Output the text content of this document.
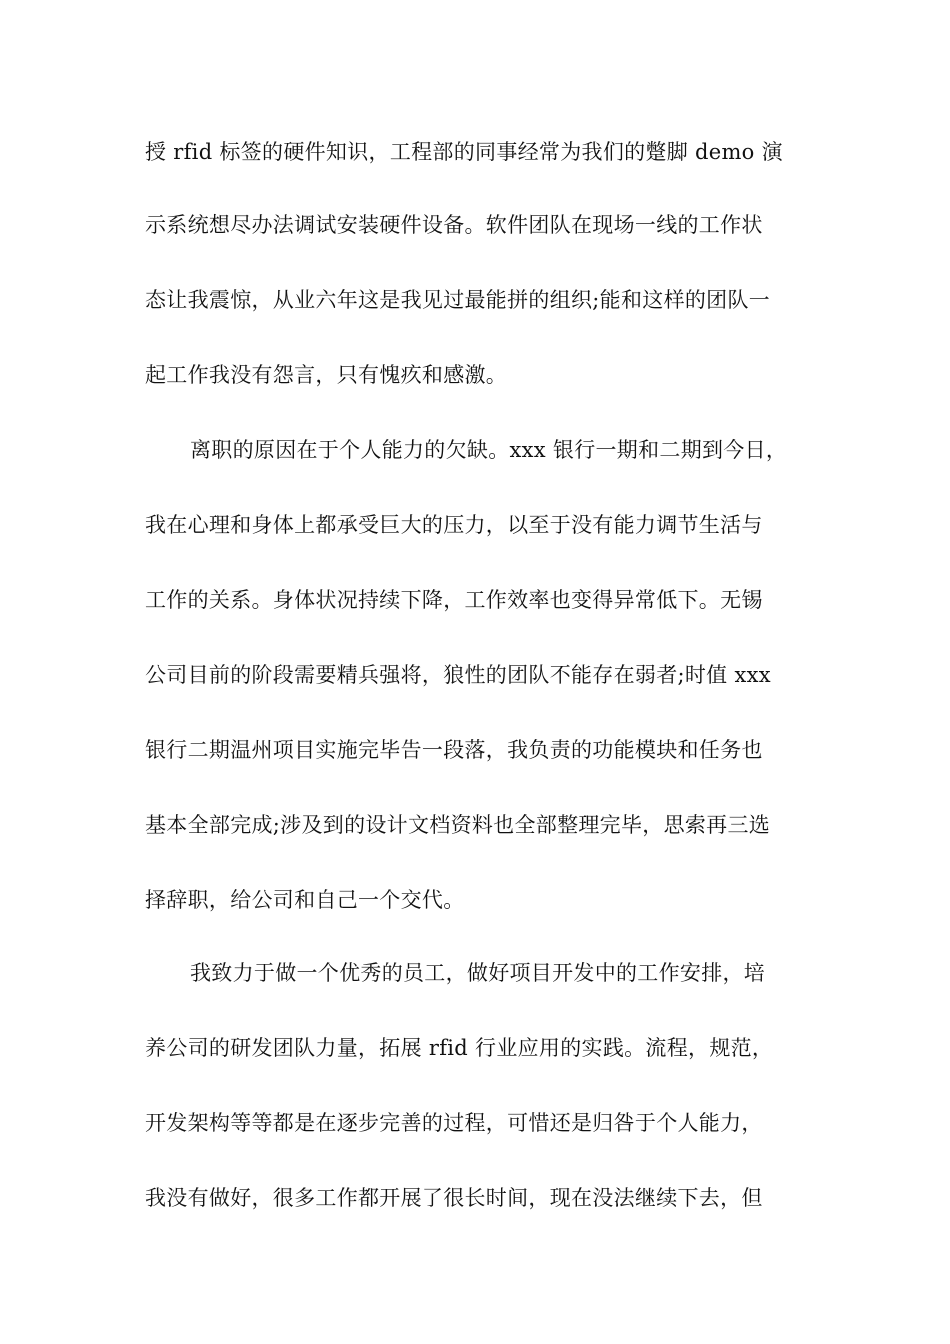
授 rfid 标签的硬件知识，工程部的同事经常为我们的蹩脚 demo 演
示系统想尽办法调试安装硬件设备。软件团队在现场一线的工作状
态让我震惊，从业六年这是我见过最能拼的组织;能和这样的团队一
起工作我没有怨言，只有愧疚和感激。
离职的原因在于个人能力的欠缺。xxx 银行一期和二期到今日，
我在心理和身体上都承受巨大的压力，以至于没有能力调节生活与
工作的关系。身体状况持续下降，工作效率也变得异常低下。无锡
公司目前的阶段需要精兵强将，狼性的团队不能存在弱者;时值 xxx
银行二期温州项目实施完毕告一段落，我负责的功能模块和任务也
基本全部完成;涉及到的设计文档资料也全部整理完毕，思索再三选
择辞职，给公司和自己一个交代。
我致力于做一个优秀的员工，做好项目开发中的工作安排，培
养公司的研发团队力量，拓展 rfid 行业应用的实践。流程，规范，
开发架构等等都是在逐步完善的过程，可惜还是归咎于个人能力，
我没有做好，很多工作都开展了很长时间，现在没法继续下去，但
